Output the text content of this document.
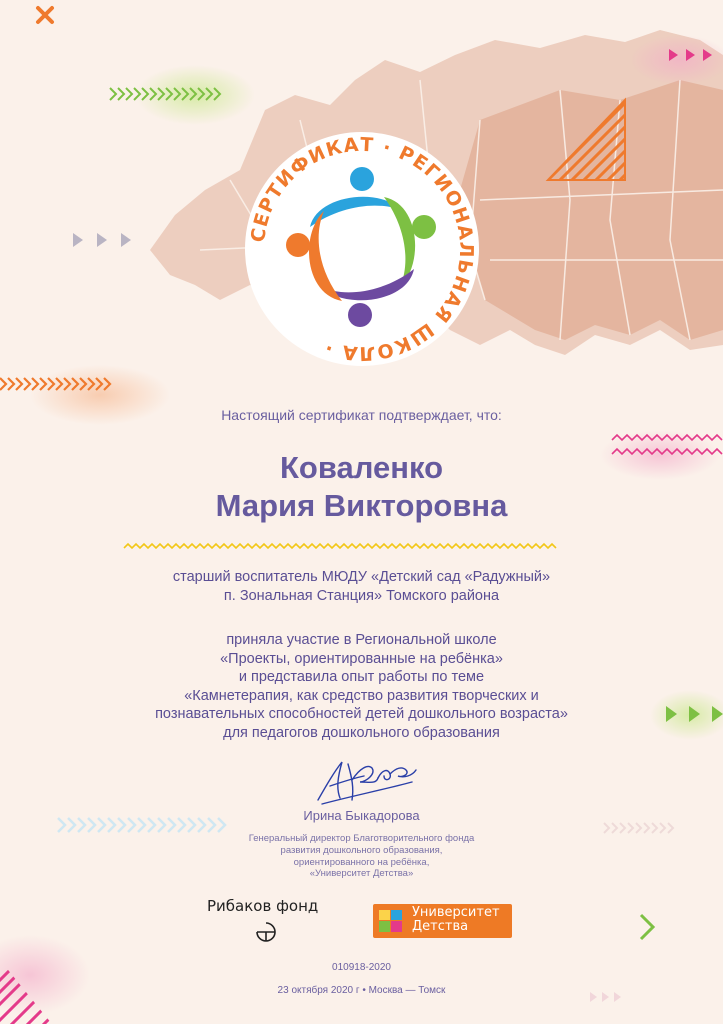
СЕРТИФИКАТ · РЕГИОНАЛЬНАЯ ШКОЛА ·
Настоящий сертификат подтверждает, что:
Коваленко
Мария Викторовна
старший воспитатель МЮДУ «Детский сад «Радужный»
п. Зональная Станция» Томского района
приняла участие в Региональной школе
«Проекты, ориентированные на ребёнка»
и представила опыт работы по теме
«Камнетерапия, как средство развития творческих и
познавательных способностей детей дошкольного возраста»
для педагогов дошкольного образования
Ирина Быкадорова
Генеральный директор Благотворительного фонда
развития дошкольного образования,
ориентированного на ребёнка,
«Университет Детства»
Рибаков фонд	Университет
Детства
010918-2020
23 октября 2020 г • Москва — Томск
